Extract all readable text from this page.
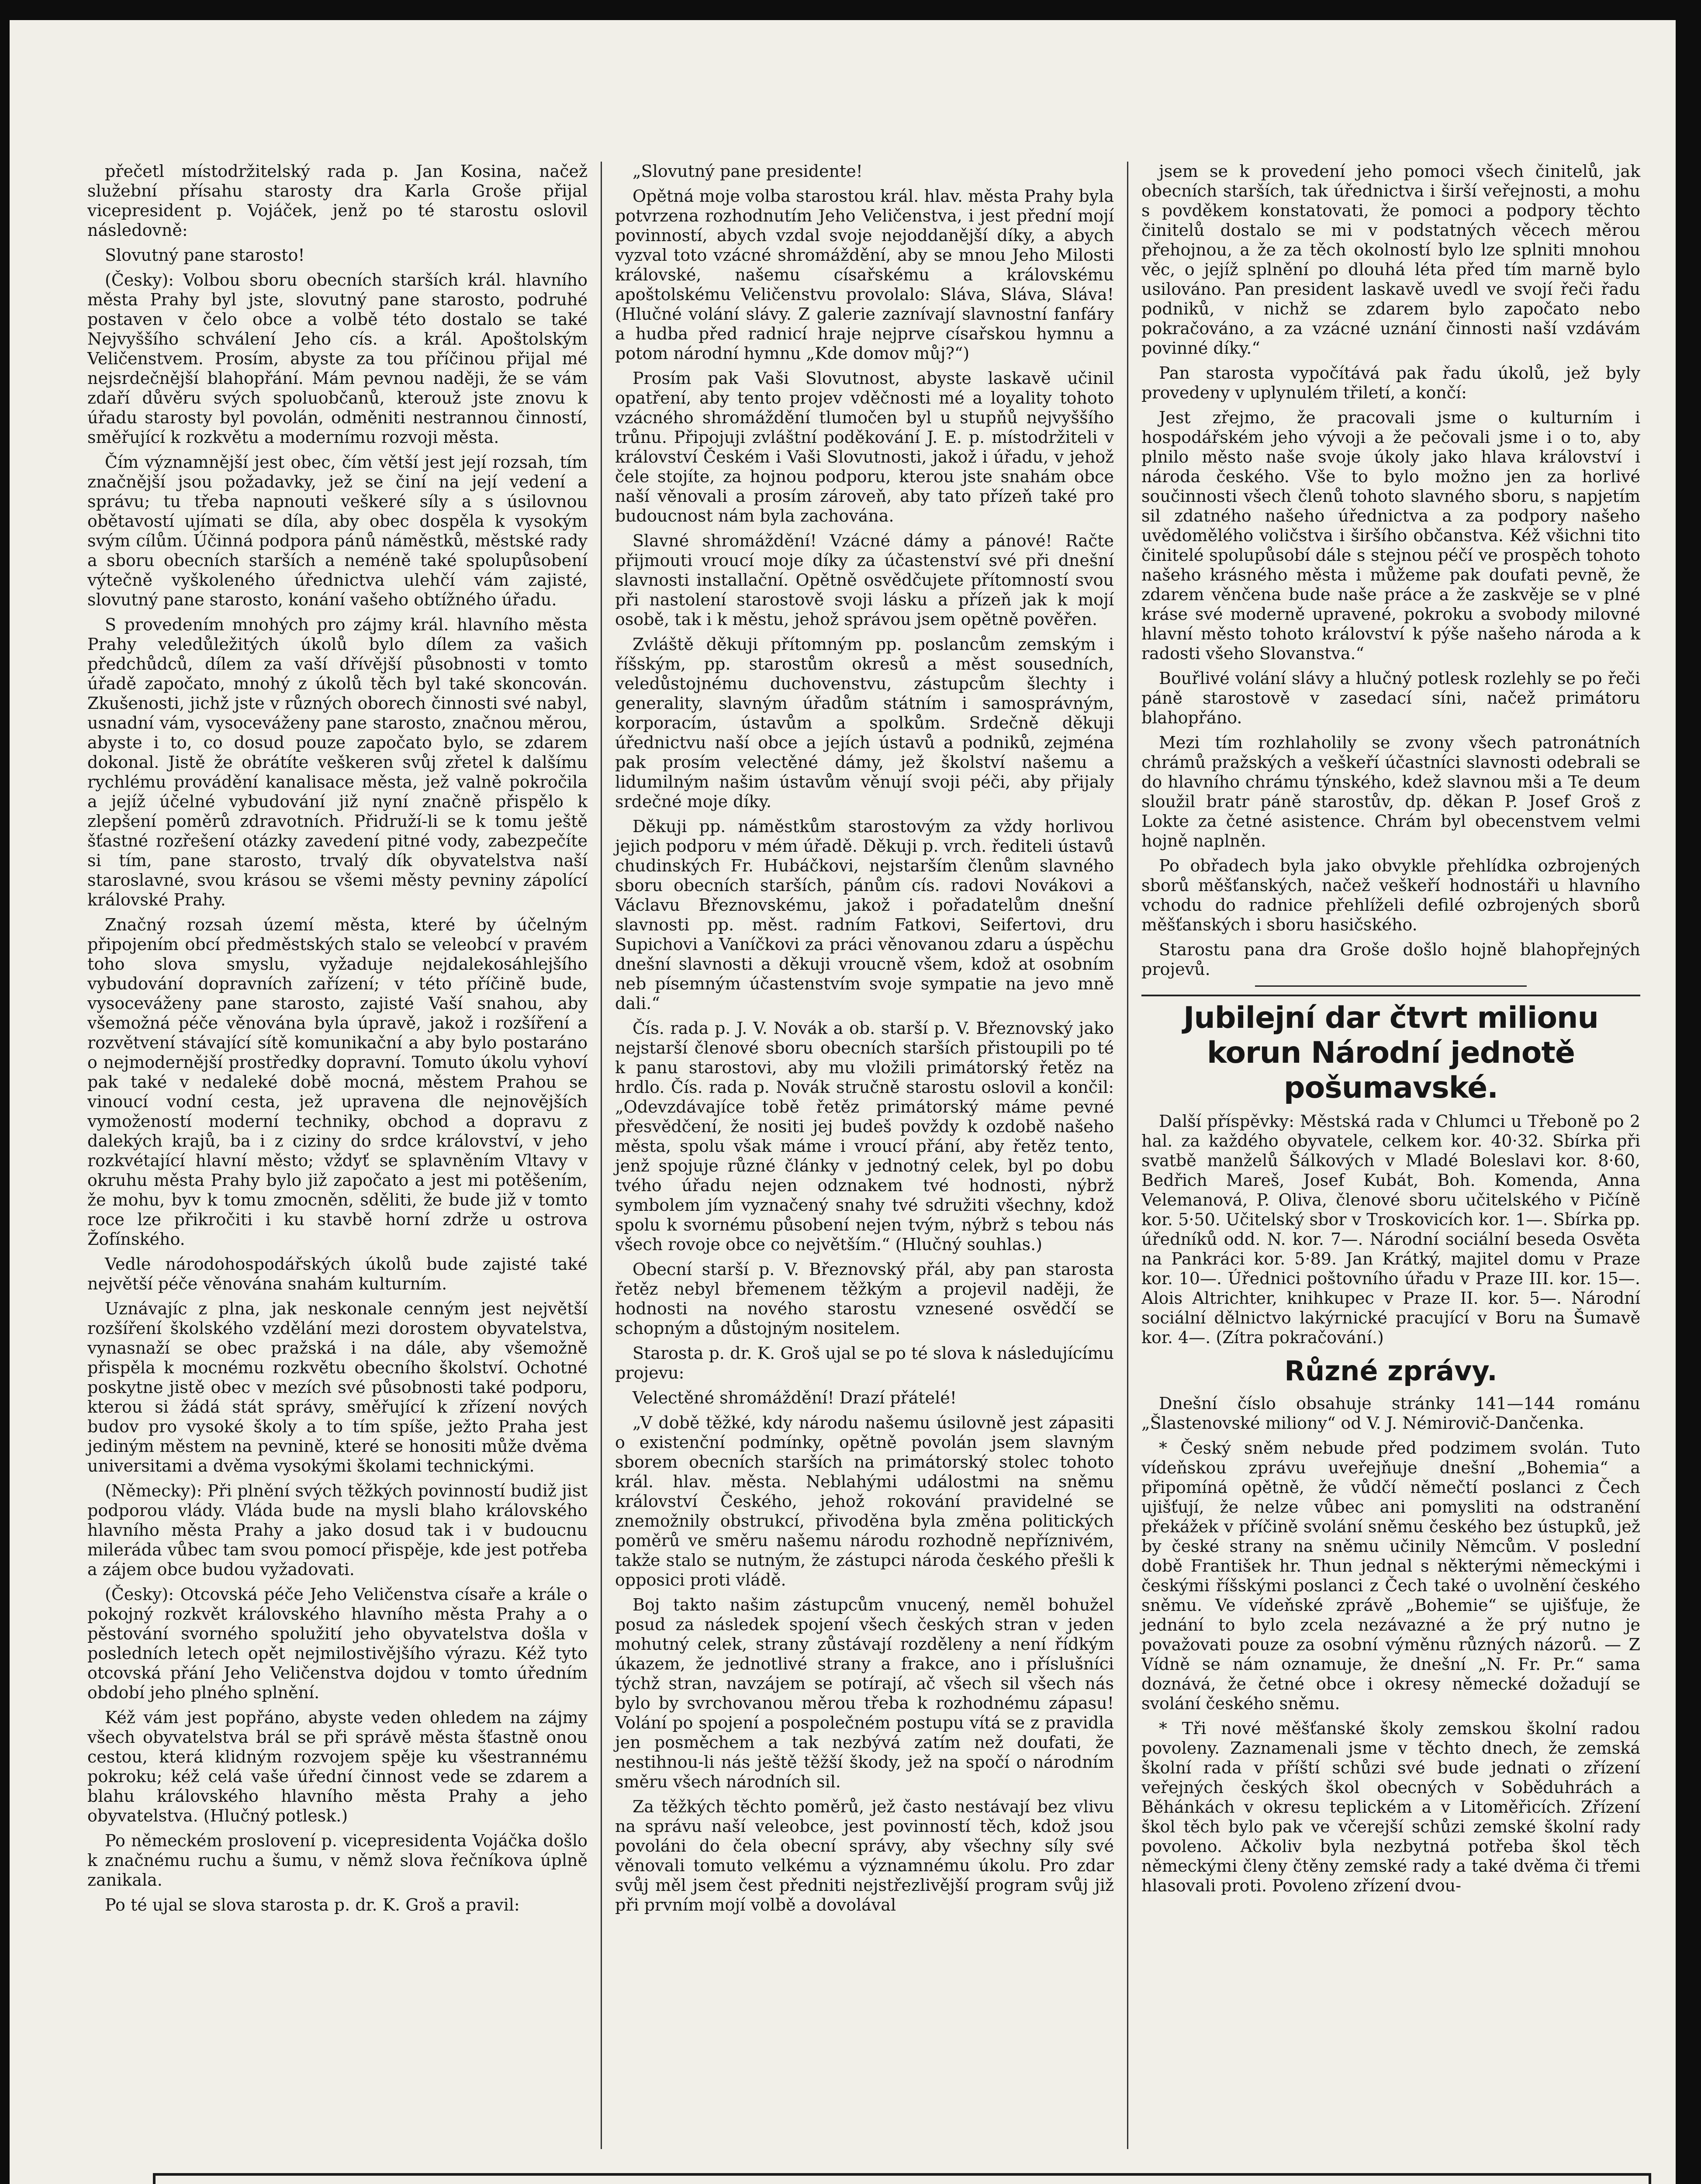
přečetl místodržitelský rada p. Jan Kosina, načež služební přísahu starosty dra Karla Groše přijal vicepresident p. Vojáček, jenž po té starostu oslovil následovně:

Slovutný pane starosto!

(Česky): Volbou sboru obecních starších král. hlavního města Prahy byl jste, slovutný pane starosto, podruhé postaven v čelo obce a volbě této dostalo se také Nejvyššího schválení Jeho cís. a král. Apoštolským Veličenstvem. Prosím, abyste za tou příčinou přijal mé nejsrdečnější blahopřání. Mám pevnou naději, že se vám zdaří důvěru svých spoluobčanů, kterouž jste znovu k úřadu starosty byl povolán, odměniti nestrannou činností, směřující k rozkvětu a modernímu rozvoji města.

Čím významnější jest obec, čím větší jest její rozsah, tím značnější jsou požadavky, jež se činí na její vedení a správu; tu třeba napnouti veškeré síly a s úsilovnou obětavostí ujímati se díla, aby obec dospěla k vysokým svým cílům. Účinná podpora pánů náměstků, městské rady a sboru obecních starších a neméně také spolupůsobení výtečně vyškoleného úřednictva ulehčí vám zajisté, slovutný pane starosto, konání vašeho obtížného úřadu.

S provedením mnohých pro zájmy král. hlavního města Prahy veledůležitých úkolů bylo dílem za vašich předchůdců, dílem za vaší dřívější působnosti v tomto úřadě započato, mnohý z úkolů těch byl také skoncován. Zkušenosti, jichž jste v různých oborech činnosti své nabyl, usnadní vám, vysoceváženy pane starosto, značnou měrou, abyste i to, co dosud pouze započato bylo, se zdarem dokonal. Jistě že obrátíte veškeren svůj zřetel k dalšímu rychlému provádění kanalisace města, jež valně pokročila a jejíž účelné vybudování již nyní značně přispělo k zlepšení poměrů zdravotních. Přidruží-li se k tomu ještě šťastné rozřešení otázky zavedení pitné vody, zabezpečíte si tím, pane starosto, trvalý dík obyvatelstva naší staroslavné, svou krásou se všemi městy pevniny zápolící královské Prahy.

Značný rozsah území města, které by účelným připojením obcí předměstských stalo se veleobcí v pravém toho slova smyslu, vyžaduje nejdalekosáhlejšího vybudování dopravních zařízení; v této příčině bude, vysoceváženy pane starosto, zajisté Vaší snahou, aby všemožná péče věnována byla úpravě, jakož i rozšíření a rozvětvení stávající sítě komunikační a aby bylo postaráno o nejmodernější prostředky dopravní. Tomuto úkolu vyhoví pak také v nedaleké době mocná, městem Prahou se vinoucí vodní cesta, jež upravena dle nejnovějších vymožeností moderní techniky, obchod a dopravu z dalekých krajů, ba i z ciziny do srdce království, v jeho rozkvétající hlavní město; vždyť se splavněním Vltavy v okruhu města Prahy bylo již započato a jest mi potěšením, že mohu, byv k tomu zmocněn, sděliti, že bude již v tomto roce lze přikročiti i ku stavbě horní zdrže u ostrova Žofínského.

Vedle národohospodářských úkolů bude zajisté také největší péče věnována snahám kulturním.

Uznávajíc z plna, jak neskonale cenným jest největší rozšíření školského vzdělání mezi dorostem obyvatelstva, vynasnaží se obec pražská i na dále, aby všemožně přispěla k mocnému rozkvětu obecního školství. Ochotné poskytne jistě obec v mezích své působnosti také podporu, kterou si žádá stát správy, směřující k zřízení nových budov pro vysoké školy a to tím spíše, ježto Praha jest jediným městem na pevnině, které se honositi může dvěma universitami a dvěma vysokými školami technickými.

(Německy): Při plnění svých těžkých povinností budiž jist podporou vlády. Vláda bude na mysli blaho královského hlavního města Prahy a jako dosud tak i v budoucnu mileráda vůbec tam svou pomocí přispěje, kde jest potřeba a zájem obce budou vyžadovati.

(Česky): Otcovská péče Jeho Veličenstva císaře a krále o pokojný rozkvět královského hlavního města Prahy a o pěstování svorného spolužití jeho obyvatelstva došla v posledních letech opět nejmilostivějšího výrazu. Kéž tyto otcovská přání Jeho Veličenstva dojdou v tomto úředním období jeho plného splnění.

Kéž vám jest popřáno, abyste veden ohledem na zájmy všech obyvatelstva brál se při správě města šťastně onou cestou, která klidným rozvojem spěje ku všestrannému pokroku; kéž celá vaše úřední činnost vede se zdarem a blahu královského hlavního města Prahy a jeho obyvatelstva. (Hlučný potlesk.)

Po německém proslovení p. vicepresidenta Vojáčka došlo k značnému ruchu a šumu, v němž slova řečníkova úplně zanikala.

Po té ujal se slova starosta p. dr. K. Groš a pravil:

„Slovutný pane presidente!

Opětná moje volba starostou král. hlav. města Prahy byla potvrzena rozhodnutím Jeho Veličenstva, i jest přední mojí povinností, abych vzdal svoje nejoddanější díky, a abych vyzval toto vzácné shromáždění, aby se mnou Jeho Milosti královské, našemu císařskému a královskému apoštolskému Veličenstvu provolalo: Sláva, Sláva, Sláva! (Hlučné volání slávy. Z galerie zaznívají slavnostní fanfáry a hudba před radnicí hraje nejprve císařskou hymnu a potom národní hymnu „Kde domov můj?“)

Prosím pak Vaši Slovutnost, abyste laskavě učinil opatření, aby tento projev vděčnosti mé a loyality tohoto vzácného shromáždění tlumočen byl u stupňů nejvyššího trůnu. Připojuji zvláštní poděkování J. E. p. místodržiteli v království Českém i Vaši Slovutnosti, jakož i úřadu, v jehož čele stojíte, za hojnou podporu, kterou jste snahám obce naší věnovali a prosím zároveň, aby tato přízeň také pro budoucnost nám byla zachována.

Slavné shromáždění! Vzácné dámy a pánové! Račte přijmouti vroucí moje díky za účastenství své při dnešní slavnosti installační. Opětně osvědčujete přítomností svou při nastolení starostově svoji lásku a přízeň jak k mojí osobě, tak i k městu, jehož správou jsem opětně pověřen.

Zvláště děkuji přítomným pp. poslancům zemským i říšským, pp. starostům okresů a měst sousedních, veledůstojnému duchovenstvu, zástupcům šlechty i generality, slavným úřadům státním i samosprávným, korporacím, ústavům a spolkům. Srdečně děkuji úřednictvu naší obce a jejích ústavů a podniků, zejména pak prosím velectěné dámy, jež školství našemu a lidumilným našim ústavům věnují svoji péči, aby přijaly srdečné moje díky.

Děkuji pp. náměstkům starostovým za vždy horlivou jejich podporu v mém úřadě. Děkuji p. vrch. řediteli ústavů chudinských Fr. Hubáčkovi, nejstarším členům slavného sboru obecních starších, pánům cís. radovi Novákovi a Václavu Březnovskému, jakož i pořadatelům dnešní slavnosti pp. měst. radním Fatkovi, Seifertovi, dru Supichovi a Vaníčkovi za práci věnovanou zdaru a úspěchu dnešní slavnosti a děkuji vroucně všem, kdož at osobním neb písemným účastenstvím svoje sympatie na jevo mně dali.“

Čís. rada p. J. V. Novák a ob. starší p. V. Březnovský jako nejstarší členové sboru obecních starších přistoupili po té k panu starostovi, aby mu vložili primátorský řetěz na hrdlo. Čís. rada p. Novák stručně starostu oslovil a končil: „Odevzdávajíce tobě řetěz primátorský máme pevné přesvědčení, že nositi jej budeš povždy k ozdobě našeho města, spolu však máme i vroucí přání, aby řetěz tento, jenž spojuje různé články v jednotný celek, byl po dobu tvého úřadu nejen odznakem tvé hodnosti, nýbrž symbolem jím vyznačený snahy tvé sdružiti všechny, kdož spolu k svornému působení nejen tvým, nýbrž s tebou nás všech rovoje obce co největším.“ (Hlučný souhlas.)

Obecní starší p. V. Březnovský přál, aby pan starosta řetěz nebyl břemenem těžkým a projevil naději, že hodnosti na nového starostu vznesené osvědčí se schopným a důstojným nositelem.

Starosta p. dr. K. Groš ujal se po té slova k následujícímu projevu:

Velectěné shromáždění! Drazí přátelé!

„V době těžké, kdy národu našemu úsilovně jest zápasiti o existenční podmínky, opětně povolán jsem slavným sborem obecních starších na primátorský stolec tohoto král. hlav. města. Neblahými událostmi na sněmu království Českého, jehož rokování pravidelné se znemožnily obstrukcí, přivoděna byla změna politických poměrů ve směru našemu národu rozhodně nepříznivém, takže stalo se nutným, že zástupci národa českého přešli k opposici proti vládě.

Boj takto našim zástupcům vnucený, neměl bohužel posud za následek spojení všech českých stran v jeden mohutný celek, strany zůstávají rozděleny a není řídkým úkazem, že jednotlivé strany a frakce, ano i příslušníci týchž stran, navzájem se potírají, ač všech sil všech nás bylo by svrchovanou měrou třeba k rozhodnému zápasu! Volání po spojení a pospolečném postupu vítá se z pravidla jen posměchem a tak nezbývá zatím než doufati, že nestihnou-li nás ještě těžší škody, jež na spočí o národním směru všech národních sil.

Za těžkých těchto poměrů, jež často nestávají bez vlivu na správu naší veleobce, jest povinností těch, kdož jsou povoláni do čela obecní správy, aby všechny síly své věnovali tomuto velkému a významnému úkolu. Pro zdar svůj měl jsem čest předniti nejstřezlivější program svůj již při prvním mojí volbě a dovolával

jsem se k provedení jeho pomoci všech činitelů, jak obecních starších, tak úřednictva i širší veřejnosti, a mohu s povděkem konstatovati, že pomoci a podpory těchto činitelů dostalo se mi v podstatných věcech měrou přehojnou, a že za těch okolností bylo lze splniti mnohou věc, o jejíž splnění po dlouhá léta před tím marně bylo usilováno. Pan president laskavě uvedl ve svojí řeči řadu podniků, v nichž se zdarem bylo započato nebo pokračováno, a za vzácné uznání činnosti naší vzdávám povinné díky.“

Pan starosta vypočítává pak řadu úkolů, jež byly provedeny v uplynulém třiletí, a končí:

Jest zřejmo, že pracovali jsme o kulturním i hospodářském jeho vývoji a že pečovali jsme i o to, aby plnilo město naše svoje úkoly jako hlava království i národa českého. Vše to bylo možno jen za horlivé součinnosti všech členů tohoto slavného sboru, s napjetím sil zdatného našeho úřednictva a za podpory našeho uvědomělého voličstva i širšího občanstva. Kéž všichni tito činitelé spolupůsobí dále s stejnou péčí ve prospěch tohoto našeho krásného města i můžeme pak doufati pevně, že zdarem věnčena bude naše práce a že zaskvěje se v plné kráse své moderně upravené, pokroku a svobody milovné hlavní město tohoto království k pýše našeho národa a k radosti všeho Slovanstva.“

Bouřlivé volání slávy a hlučný potlesk rozlehly se po řeči páně starostově v zasedací síni, načež primátoru blahopřáno.

Mezi tím rozhlaholily se zvony všech patronátních chrámů pražských a veškeří účastníci slavnosti odebrali se do hlavního chrámu týnského, kdež slavnou mši a Te deum sloužil bratr páně starostův, dp. děkan P. Josef Groš z Lokte za četné asistence. Chrám byl obecenstvem velmi hojně naplněn.

Po obřadech byla jako obvykle přehlídka ozbrojených sborů měšťanských, načež veškeří hodnostáři u hlavního vchodu do radnice přehlíželi defilé ozbrojených sborů měšťanských i sboru hasičského.

Starostu pana dra Groše došlo hojně blahopřejných projevů.

Jubilejní dar čtvrt milionu korun Národní jednotě pošumavské.

Další příspěvky: Městská rada v Chlumci u Třeboně po 2 hal. za každého obyvatele, celkem kor. 40·32. Sbírka při svatbě manželů Šálkových v Mladé Boleslavi kor. 8·60, Bedřich Mareš, Josef Kubát, Boh. Komenda, Anna Velemanová, P. Oliva, členové sboru učitelského v Pičíně kor. 5·50. Učitelský sbor v Troskovicích kor. 1—. Sbírka pp. úředníků odd. N. kor. 7—. Národní sociální beseda Osvěta na Pankráci kor. 5·89. Jan Krátký, majitel domu v Praze kor. 10—. Úřednici poštovního úřadu v Praze III. kor. 15—. Alois Altrichter, knihkupec v Praze II. kor. 5—. Národní sociální dělnictvo lakýrnické pracující v Boru na Šumavě kor. 4—. (Zítra pokračování.)

Různé zprávy.

Dnešní číslo obsahuje stránky 141—144 románu „Šlastenovské miliony“ od V. J. Némirovič-Dančenka.

* Český sněm nebude před podzimem svolán. Tuto vídeňskou zprávu uveřejňuje dnešní „Bohemia“ a připomíná opětně, že vůdčí němečtí poslanci z Čech ujišťují, že nelze vůbec ani pomysliti na odstranění překážek v příčině svolání sněmu českého bez ústupků, jež by české strany na sněmu učinily Němcům. V poslední době František hr. Thun jednal s některými německými i českými říšskými poslanci z Čech také o uvolnění českého sněmu. Ve vídeňské zprávě „Bohemie“ se ujišťuje, že jednání to bylo zcela nezávazné a že prý nutno je považovati pouze za osobní výměnu různých názorů. — Z Vídně se nám oznamuje, že dnešní „N. Fr. Pr.“ sama doznává, že četné obce i okresy německé dožadují se svolání českého sněmu.

* Tři nové měšťanské školy zemskou školní radou povoleny. Zaznamenali jsme v těchto dnech, že zemská školní rada v příští schůzi své bude jednati o zřízení veřejných českých škol obecných v Soběduhrách a Běhánkách v okresu teplickém a v Litoměřicích. Zřízení škol těch bylo pak ve včerejší schůzi zemské školní rady povoleno. Ačkoliv byla nezbytná potřeba škol těch německými členy čtěny zemské rady a také dvěma či třemi hlasovali proti. Povoleno zřízení dvou-
